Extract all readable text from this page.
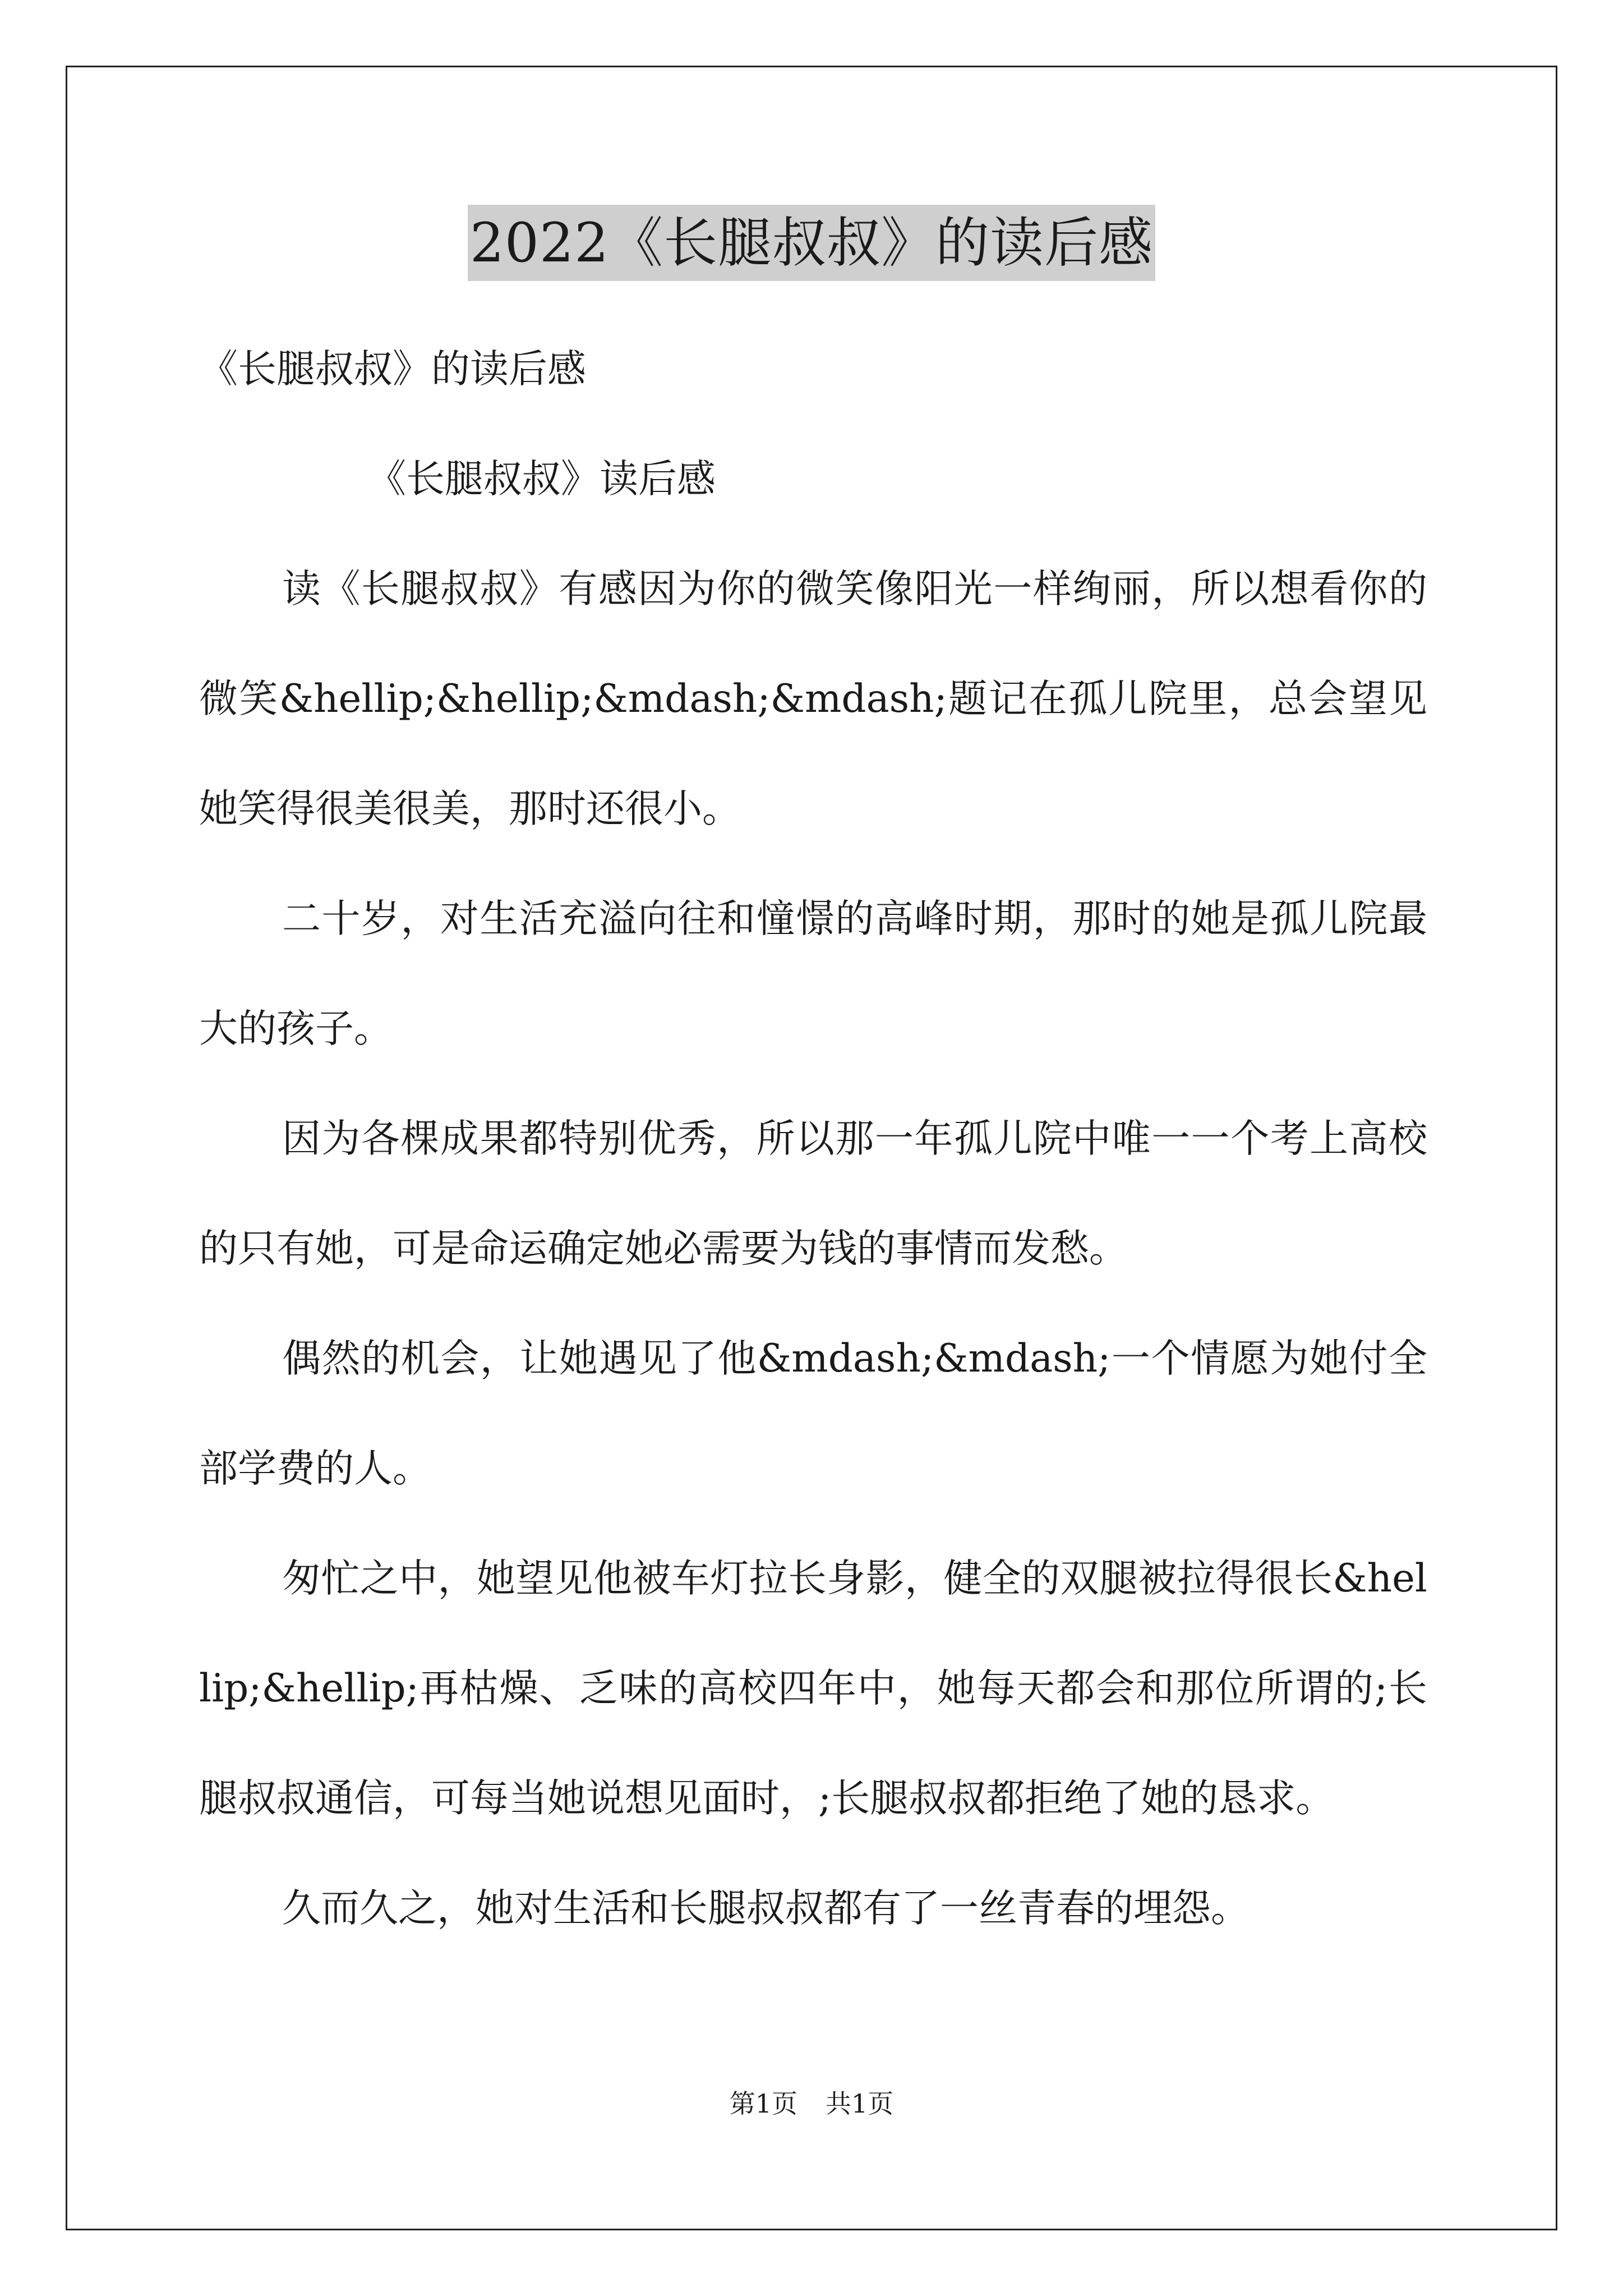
2022《长腿叔叔》的读后感

《长腿叔叔》的读后感

《长腿叔叔》读后感

读《长腿叔叔》有感因为你的微笑像阳光一样绚丽，所以想看你的微笑&hellip;&hellip;&mdash;&mdash;题记在孤儿院里，总会望见她笑得很美很美，那时还很小。

二十岁，对生活充溢向往和憧憬的高峰时期，那时的她是孤儿院最大的孩子。

因为各棵成果都特别优秀，所以那一年孤儿院中唯一一个考上高校的只有她，可是命运确定她必需要为钱的事情而发愁。

偶然的机会，让她遇见了他&mdash;&mdash;一个情愿为她付全部学费的人。

匆忙之中，她望见他被车灯拉长身影，健全的双腿被拉得很长&hellip;&hellip;再枯燥、乏味的高校四年中，她每天都会和那位所谓的;长腿叔叔通信，可每当她说想见面时，;长腿叔叔都拒绝了她的恳求。

久而久之，她对生活和长腿叔叔都有了一丝青春的埋怨。

第1页 共1页
